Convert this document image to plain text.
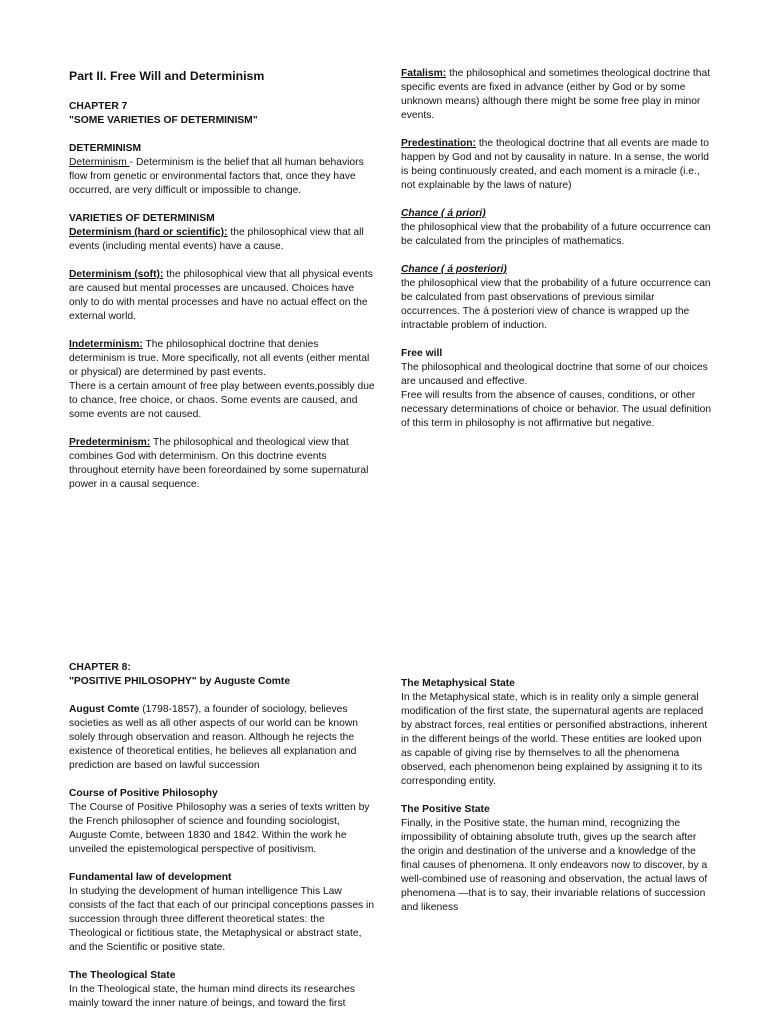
Part II. Free Will and Determinism

CHAPTER 7

"SOME VARIETIES OF DETERMINISM"

DETERMINISM

Determinism - Determinism is the belief that all human behaviors flow from genetic or environmental factors that, once they have occurred, are very difficult or impossible to change.

VARIETIES OF DETERMINISM

Determinism (hard or scientific): the philosophical view that all events (including mental events) have a cause.

Determinism (soft): the philosophical view that all physical events are caused but mental processes are uncaused. Choices have only to do with mental processes and have no actual effect on the external world.

Indeterminism: The philosophical doctrine that denies determinism is true. More specifically, not all events (either mental or physical) are determined by past events.

There is a certain amount of free play between events,possibly due to chance, free choice, or chaos. Some events are caused, and some events are not caused.

Predeterminism: The philosophical and theological view that combines God with determinism. On this doctrine events throughout eternity have been foreordained by some supernatural power in a causal sequence.

Fatalism: the philosophical and sometimes theological doctrine that specific events are fixed in advance (either by God or by some unknown means) although there might be some free play in minor events.

Predestination: the theological doctrine that all events are made to happen by God and not by causality in nature. In a sense, the world is being continuously created, and each moment is a miracle (i.e., not explainable by the laws of nature)

Chance ( á priori)

the philosophical view that the probability of a future occurrence can be calculated from the principles of mathematics.

Chance ( á posteriori)

the philosophical view that the probability of a future occurrence can be calculated from past observations of previous similar occurrences. The á posteriori view of chance is wrapped up the intractable problem of induction.

Free will

The philosophical and theological doctrine that some of our choices are uncaused and effective.

Free will results from the absence of causes, conditions, or other necessary determinations of choice or behavior. The usual definition of this term in philosophy is not affirmative but negative.

CHAPTER 8:

"POSITIVE PHILOSOPHY" by Auguste Comte

August Comte (1798-1857), a founder of sociology, believes societies as well as all other aspects of our world can be known solely through observation and reason. Although he rejects the existence of theoretical entities, he believes all explanation and prediction are based on lawful succession

Course of Positive Philosophy

The Course of Positive Philosophy was a series of texts written by the French philosopher of science and founding sociologist,

Auguste Comte, between 1830 and 1842. Within the work he unveiled the epistemological perspective of positivism.

Fundamental law of development

In studying the development of human intelligence This Law consists of the fact that each of our principal conceptions passes in succession through three different theoretical states: the Theological or fictitious state, the Metaphysical or abstract state, and the Scientific or positive state.

The Theological State

In the Theological state, the human mind directs its researches mainly toward the inner nature of beings, and toward the first

The Metaphysical State

In the Metaphysical state, which is in reality only a simple general modification of the first state, the supernatural agents are replaced by abstract forces, real entities or personified abstractions, inherent in the different beings of the world. These entities are looked upon as capable of giving rise by themselves to all the phenomena observed, each phenomenon being explained by assigning it to its corresponding entity.

The Positive State

Finally, in the Positive state, the human mind, recognizing the impossibility of obtaining absolute truth, gives up the search after the origin and destination of the universe and a knowledge of the final causes of phenomena. It only endeavors now to discover, by a well-combined use of reasoning and observation, the actual laws of phenomena —that is to say, their invariable relations of succession and likeness
